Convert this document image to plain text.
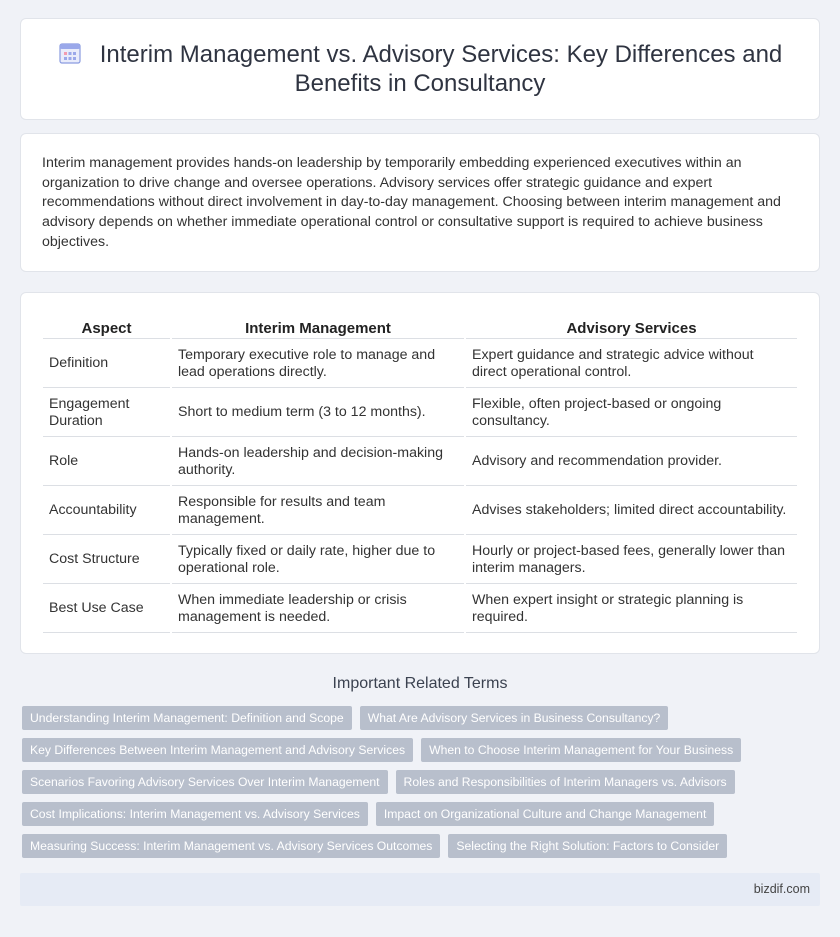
Interim Management vs. Advisory Services: Key Differences and Benefits in Consultancy

Interim management provides hands-on leadership by temporarily embedding experienced executives within an organization to drive change and oversee operations. Advisory services offer strategic guidance and expert recommendations without direct involvement in day-to-day management. Choosing between interim management and advisory depends on whether immediate operational control or consultative support is required to achieve business objectives.

Aspect	Interim Management	Advisory Services
Definition	Temporary executive role to manage and lead operations directly.	Expert guidance and strategic advice without direct operational control.
Engagement Duration	Short to medium term (3 to 12 months).	Flexible, often project-based or ongoing consultancy.
Role	Hands-on leadership and decision-making authority.	Advisory and recommendation provider.
Accountability	Responsible for results and team management.	Advises stakeholders; limited direct accountability.
Cost Structure	Typically fixed or daily rate, higher due to operational role.	Hourly or project-based fees, generally lower than interim managers.
Best Use Case	When immediate leadership or crisis management is needed.	When expert insight or strategic planning is required.
Important Related Terms
Understanding Interim Management: Definition and Scope	What Are Advisory Services in Business Consultancy?
Key Differences Between Interim Management and Advisory Services	When to Choose Interim Management for Your Business
Scenarios Favoring Advisory Services Over Interim Management	Roles and Responsibilities of Interim Managers vs. Advisors
Cost Implications: Interim Management vs. Advisory Services	Impact on Organizational Culture and Change Management
Measuring Success: Interim Management vs. Advisory Services Outcomes	Selecting the Right Solution: Factors to Consider
bizdif.com
